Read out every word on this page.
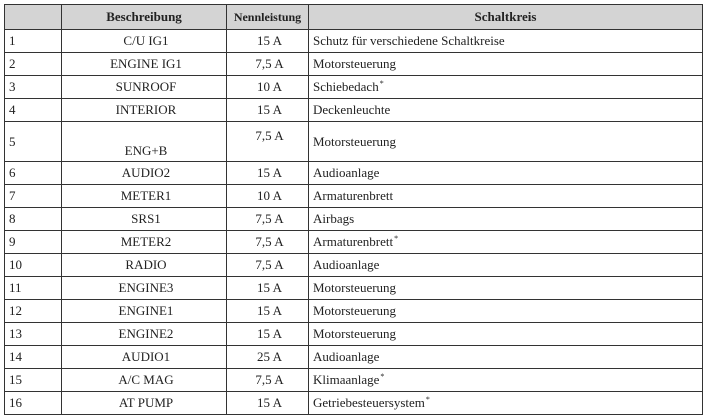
	Beschreibung	Nennleistung	Schaltkreis
1	C/U IG1	15 A	Schutz für verschiedene Schaltkreise
2	ENGINE IG1	7,5 A	Motorsteuerung
3	SUNROOF	10 A	Schiebedach*
4	INTERIOR	15 A	Deckenleuchte
5	ENG+B	7,5 A	Motorsteuerung
6	AUDIO2	15 A	Audioanlage
7	METER1	10 A	Armaturenbrett
8	SRS1	7,5 A	Airbags
9	METER2	7,5 A	Armaturenbrett*
10	RADIO	7,5 A	Audioanlage
11	ENGINE3	15 A	Motorsteuerung
12	ENGINE1	15 A	Motorsteuerung
13	ENGINE2	15 A	Motorsteuerung
14	AUDIO1	25 A	Audioanlage
15	A/C MAG	7,5 A	Klimaanlage*
16	AT PUMP	15 A	Getriebesteuersystem*
